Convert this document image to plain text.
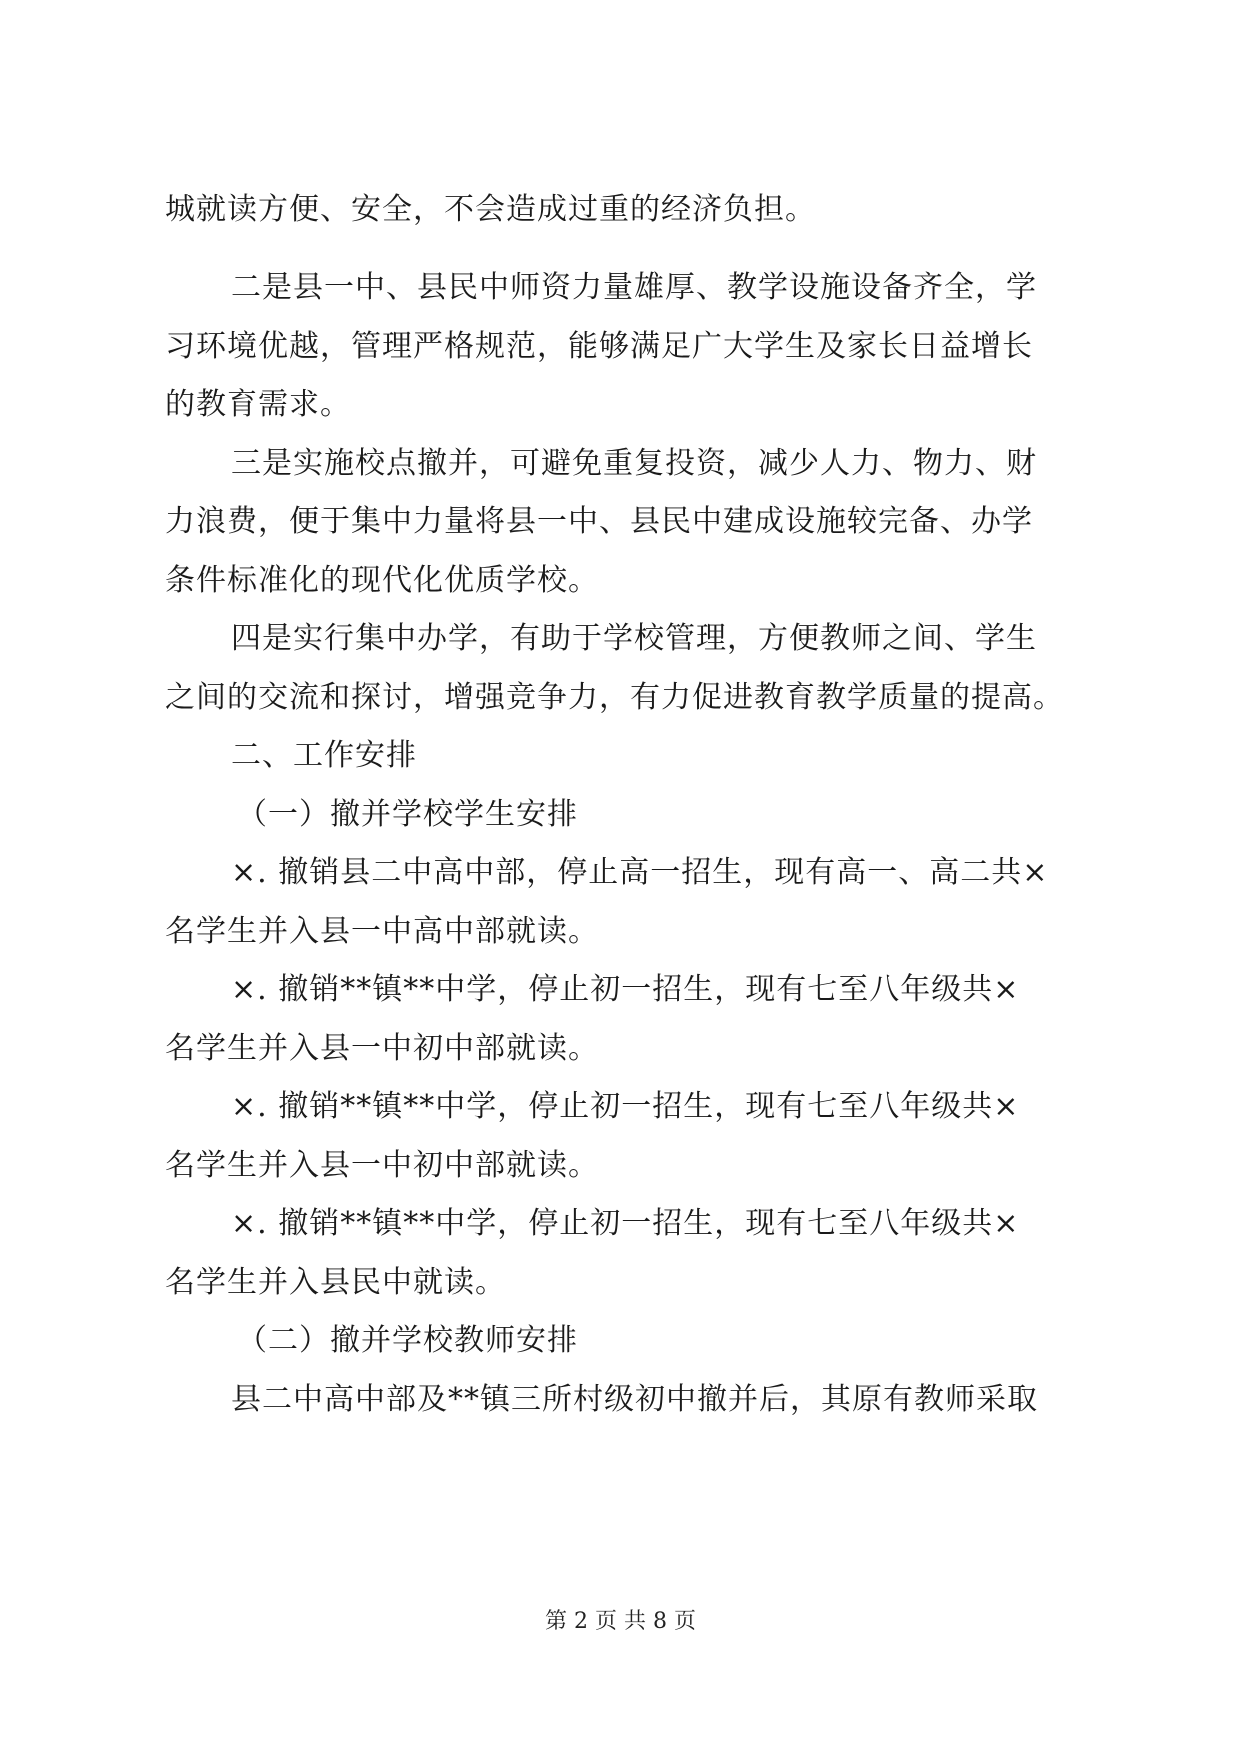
城就读方便、安全，不会造成过重的经济负担。
二是县一中、县民中师资力量雄厚、教学设施设备齐全，学
习环境优越，管理严格规范，能够满足广大学生及家长日益增长
的教育需求。
三是实施校点撤并，可避免重复投资，减少人力、物力、财
力浪费，便于集中力量将县一中、县民中建成设施较完备、办学
条件标准化的现代化优质学校。
四是实行集中办学，有助于学校管理，方便教师之间、学生
之间的交流和探讨，增强竞争力，有力促进教育教学质量的提高。
二、工作安排
（一）撤并学校学生安排
×. 撤销县二中高中部，停止高一招生，现有高一、高二共×
名学生并入县一中高中部就读。
×. 撤销**镇**中学，停止初一招生，现有七至八年级共×
名学生并入县一中初中部就读。
×. 撤销**镇**中学，停止初一招生，现有七至八年级共×
名学生并入县一中初中部就读。
×. 撤销**镇**中学，停止初一招生，现有七至八年级共×
名学生并入县民中就读。
（二）撤并学校教师安排
县二中高中部及**镇三所村级初中撤并后，其原有教师采取
第 2 页 共 8 页
